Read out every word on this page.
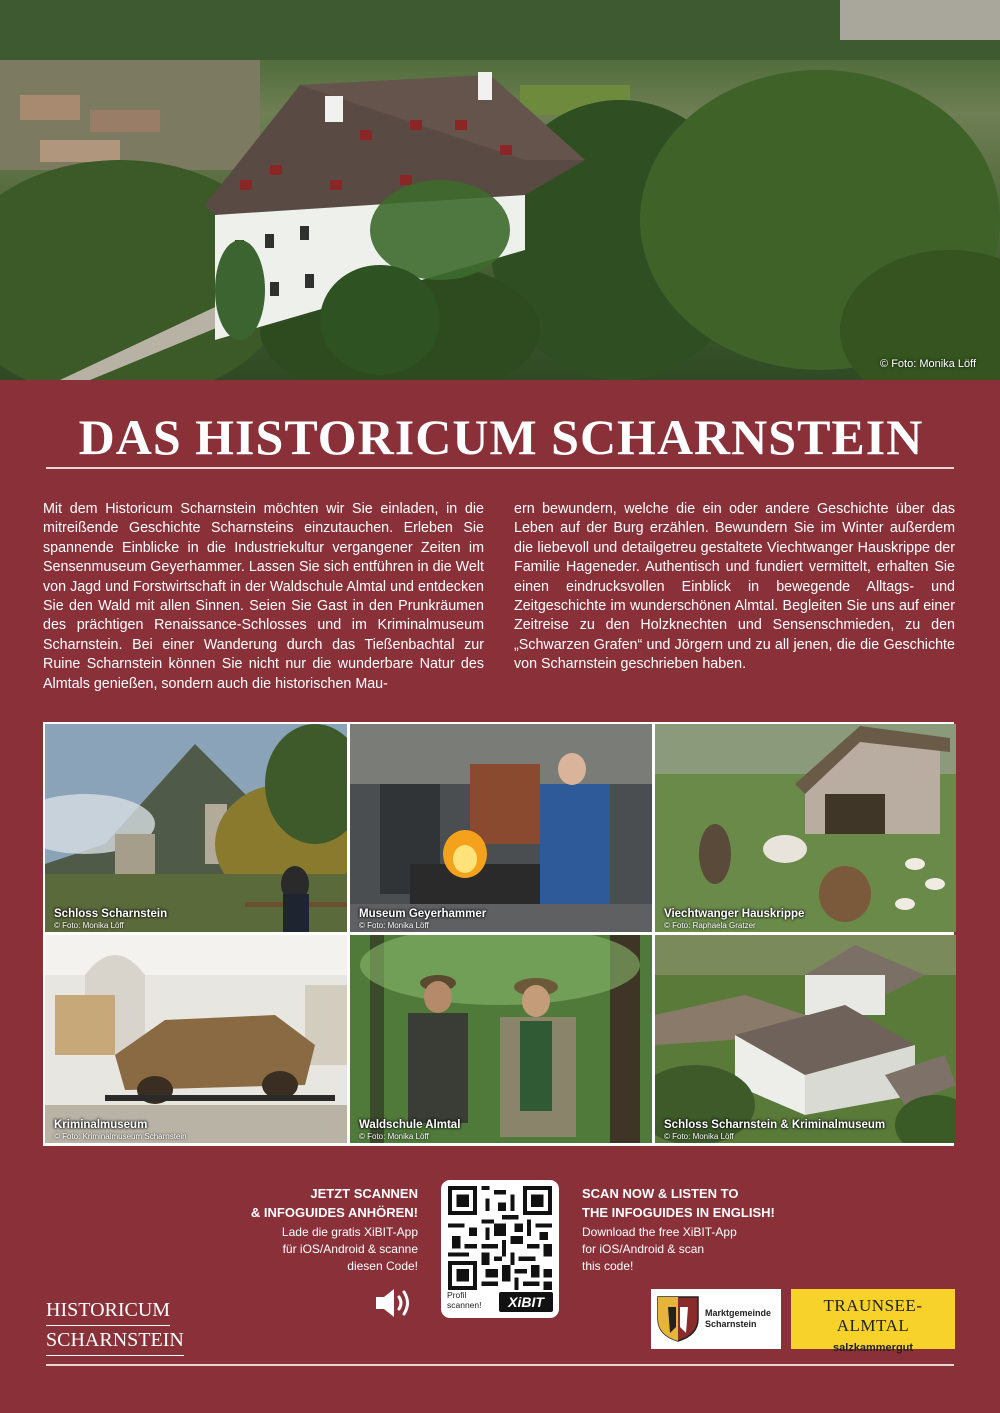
© Foto: Monika Löff
DAS HISTORICUM SCHARNSTEIN

Mit dem Historicum Scharnstein möchten wir Sie einladen, in die mitreißende Geschichte Scharnsteins einzutauchen. Erleben Sie spannende Einblicke in die Industriekultur vergangener Zeiten im Sensenmuseum Geyerhammer. Lassen Sie sich entführen in die Welt von Jagd und Forstwirtschaft in der Waldschule Almtal und entdecken Sie den Wald mit allen Sinnen. Seien Sie Gast in den Prunkräumen des prächtigen Renaissance-Schlosses und im Kriminalmuseum Scharnstein. Bei einer Wanderung durch das Tießenbachtal zur Ruine Scharnstein können Sie nicht nur die wunderbare Natur des Almtals genießen, sondern auch die historischen Mau-

ern bewundern, welche die ein oder andere Geschichte über das Leben auf der Burg erzählen. Bewundern Sie im Winter außerdem die liebevoll und detailgetreu gestaltete Viechtwanger Hauskrippe der Familie Hageneder. Authentisch und fundiert vermittelt, erhalten Sie einen eindrucksvollen Einblick in bewegende Alltags- und Zeitgeschichte im wunderschönen Almtal. Begleiten Sie uns auf einer Zeitreise zu den Holzknechten und Sensenschmieden, zu den „Schwarzen Grafen“ und Jörgern und zu all jenen, die die Geschichte von Scharnstein geschrieben haben.

Schloss Scharnstein
© Foto: Monika Löff
Museum Geyerhammer
© Foto: Monika Löff
Viechtwanger Hauskrippe
© Foto: Raphaela Gratzer
Kriminalmuseum
© Foto: Kriminalmuseum Scharnstein
Waldschule Almtal
© Foto: Monika Löff
Schloss Scharnstein & Kriminalmuseum
© Foto: Monika Löff
JETZT SCANNEN
& INFOGUIDES ANHÖREN!
Lade die gratis XiBIT-App
für iOS/Android & scanne
diesen Code!
Profil
scannen!	XiBIT
SCAN NOW & LISTEN TO
THE INFOGUIDES IN ENGLISH!
Download the free XiBIT-App
for iOS/Android & scan
this code!
HISTORICUM
SCHARNSTEIN
Marktgemeinde
Scharnstein
TRAUNSEE-ALMTAL
salzkammergut
